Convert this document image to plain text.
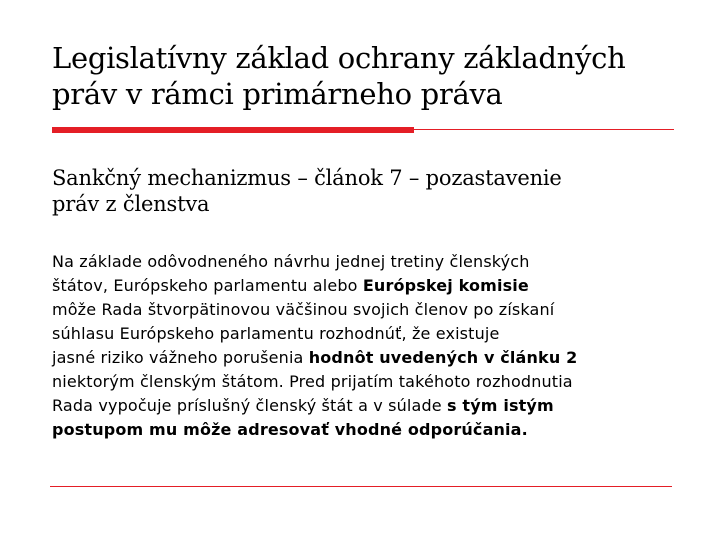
Legislatívny základ ochrany základných
práv v rámci primárneho práva
Sankčný mechanizmus – článok 7 – pozastavenie
práv z členstva
Na základe odôvodneného návrhu jednej tretiny členských
štátov, Európskeho parlamentu alebo Európskej komisie
môže Rada štvorpätinovou väčšinou svojich členov po získaní
súhlasu Európskeho parlamentu rozhodnúť, že existuje
jasné riziko vážneho porušenia hodnôt uvedených v článku 2
niektorým členským štátom. Pred prijatím takéhoto rozhodnutia
Rada vypočuje príslušný členský štát a v súlade s tým istým
postupom mu môže adresovať vhodné odporúčania.
